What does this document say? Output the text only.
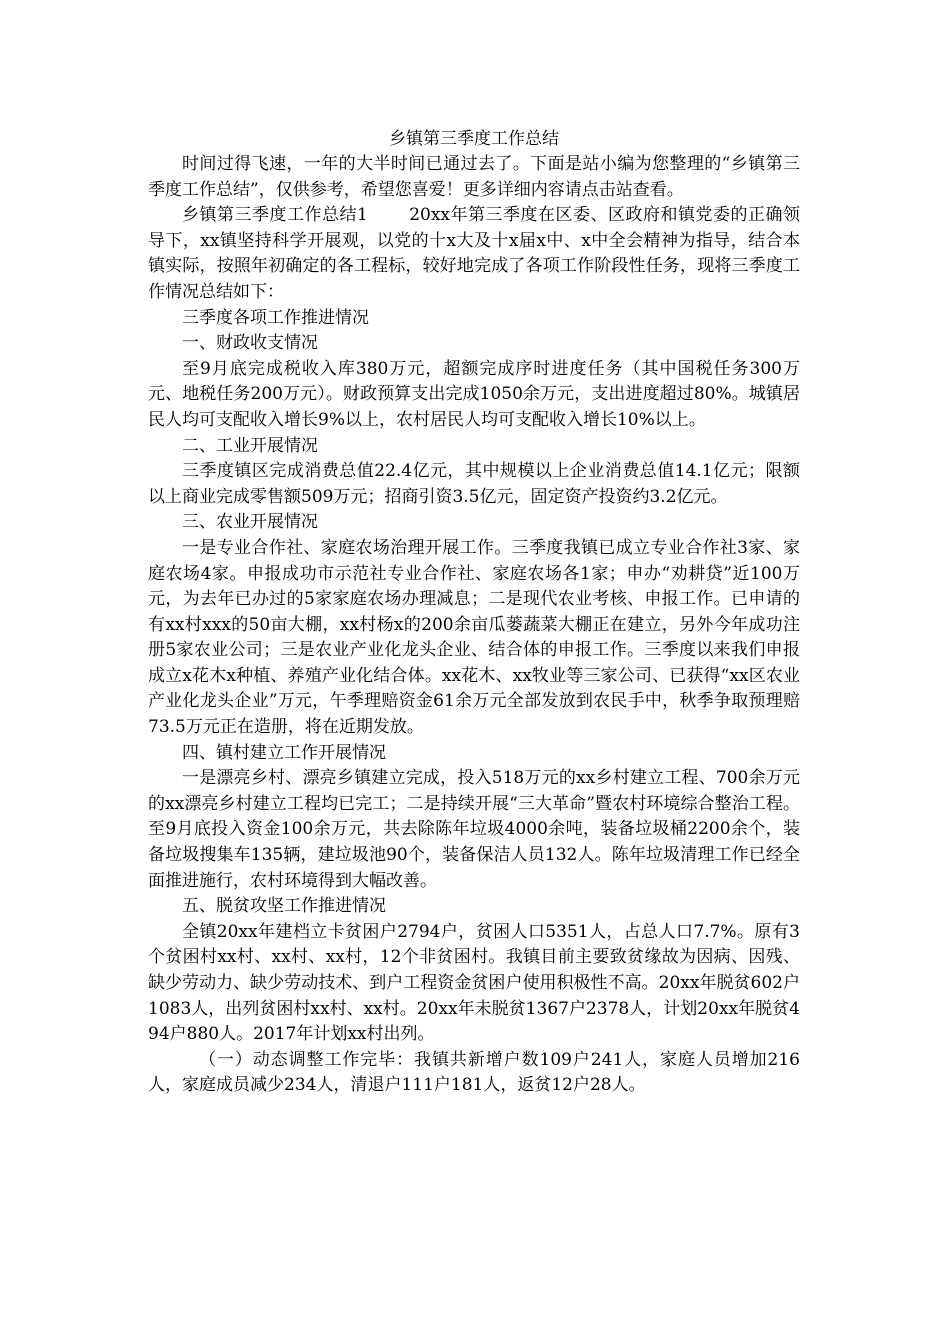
乡镇第三季度工作总结

时间过得飞速，一年的大半时间已通过去了。下面是站小编为您整理的“乡镇第三季度工作总结”，仅供参考，希望您喜爱！更多详细内容请点击站查看。

乡镇第三季度工作总结1　　 20xx年第三季度在区委、区政府和镇党委的正确领导下，xx镇坚持科学开展观，以党的十x大及十x届x中、x中全会精神为指导，结合本镇实际，按照年初确定的各工程标，较好地完成了各项工作阶段性任务，现将三季度工作情况总结如下：

三季度各项工作推进情况

一、财政收支情况

至9月底完成税收入库380万元，超额完成序时进度任务（其中国税任务300万元、地税任务200万元）。财政预算支出完成1050余万元，支出进度超过80%。城镇居民人均可支配收入增长9%以上，农村居民人均可支配收入增长10%以上。

二、工业开展情况

三季度镇区完成消费总值22.4亿元，其中规模以上企业消费总值14.1亿元；限额以上商业完成零售额509万元；招商引资3.5亿元，固定资产投资约3.2亿元。

三、农业开展情况

一是专业合作社、家庭农场治理开展工作。三季度我镇已成立专业合作社3家、家庭农场4家。申报成功市示范社专业合作社、家庭农场各1家；申办“劝耕贷”近100万元，为去年已办过的5家家庭农场办理减息；二是现代农业考核、申报工作。已申请的有xx村xxx的50亩大棚，xx村杨x的200余亩瓜蒌蔬菜大棚正在建立，另外今年成功注册5家农业公司；三是农业产业化龙头企业、结合体的申报工作。三季度以来我们申报成立x花木x种植、养殖产业化结合体。xx花木、xx牧业等三家公司、已获得“xx区农业产业化龙头企业”万元，午季理赔资金61余万元全部发放到农民手中，秋季争取预理赔73.5万元正在造册，将在近期发放。

四、镇村建立工作开展情况

一是漂亮乡村、漂亮乡镇建立完成，投入518万元的xx乡村建立工程、700余万元的xx漂亮乡村建立工程均已完工；二是持续开展“三大革命”暨农村环境综合整治工程。至9月底投入资金100余万元，共去除陈年垃圾4000余吨，装备垃圾桶2200余个，装备垃圾搜集车135辆，建垃圾池90个，装备保洁人员132人。陈年垃圾清理工作已经全面推进施行，农村环境得到大幅改善。

五、脱贫攻坚工作推进情况

全镇20xx年建档立卡贫困户2794户，贫困人口5351人，占总人口7.7%。原有3个贫困村xx村、xx村、xx村，12个非贫困村。我镇目前主要致贫缘故为因病、因残、缺少劳动力、缺少劳动技术、到户工程资金贫困户使用积极性不高。20xx年脱贫602户1083人，出列贫困村xx村、xx村。20xx年未脱贫1367户2378人，计划20xx年脱贫494户880人。2017年计划xx村出列。

（一）动态调整工作完毕：我镇共新增户数109户241人，家庭人员增加216人，家庭成员减少234人，清退户111户181人，返贫12户28人。
